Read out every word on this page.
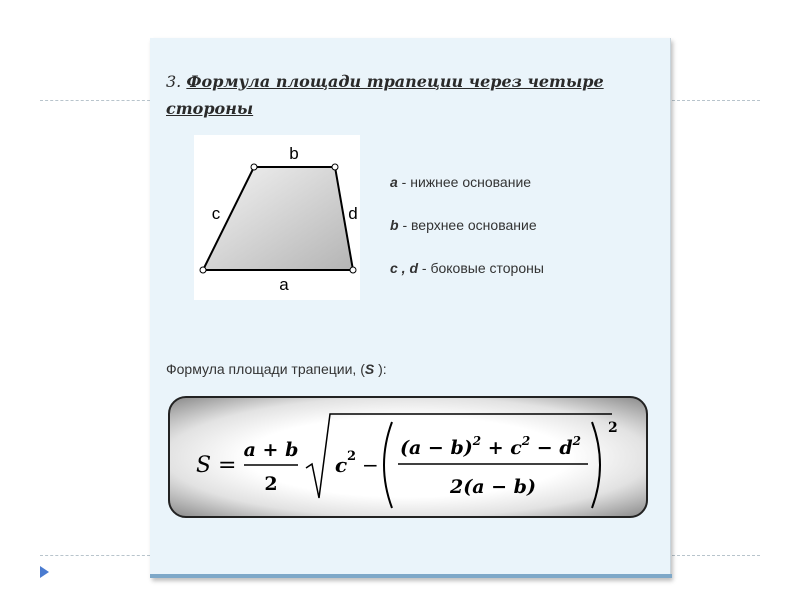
3. Формула площади трапеции через четыре
стороны
b
a
c	d
a - нижнее основание
b - верхнее основание
c , d - боковые стороны
Формула площади трапеции, (S ):
S =
a + b
2
c 2 −
$(a - b)^2 + c^2 - d^2$
2(a − b)
2
